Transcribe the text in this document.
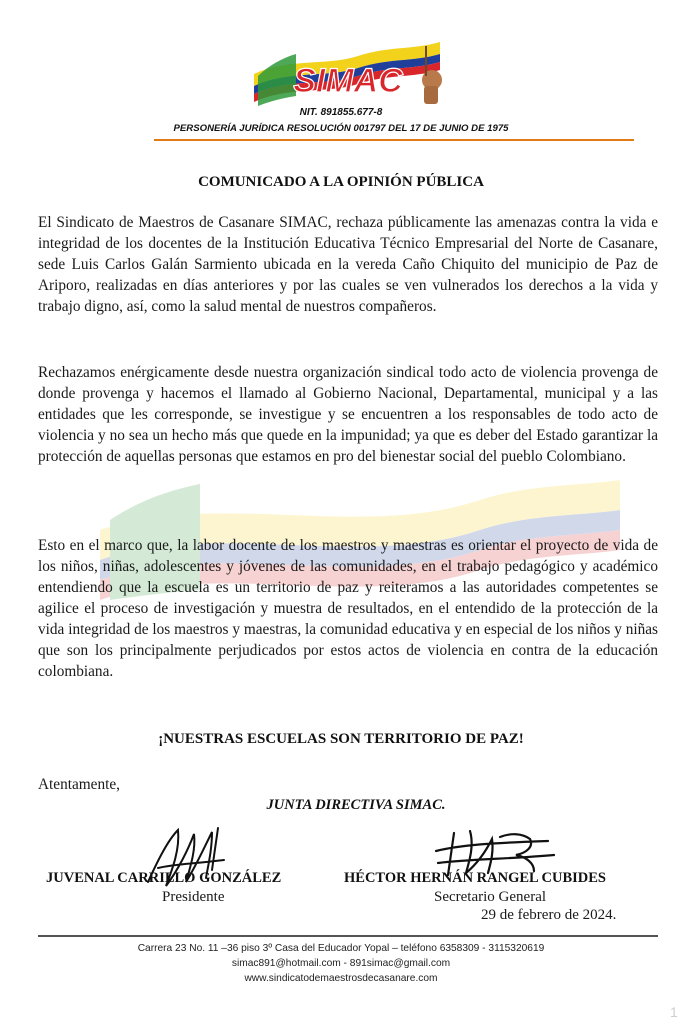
SIMAC
NIT. 891855.677-8
PERSONERÍA JURÍDICA RESOLUCIÓN 001797 DEL 17 DE JUNIO DE 1975
COMUNICADO A LA OPINIÓN PÚBLICA

El Sindicato de Maestros de Casanare SIMAC, rechaza públicamente las amenazas contra la vida e integridad de los docentes de la Institución Educativa Técnico Empresarial del Norte de Casanare, sede Luis Carlos Galán Sarmiento ubicada en la vereda Caño Chiquito del municipio de Paz de Ariporo, realizadas en días anteriores y por las cuales se ven vulnerados los derechos a la vida y trabajo digno, así, como la salud mental de nuestros compañeros.

Rechazamos enérgicamente desde nuestra organización sindical todo acto de violencia provenga de donde provenga y hacemos el llamado al Gobierno Nacional, Departamental, municipal y a las entidades que les corresponde, se investigue y se encuentren a los responsables de todo acto de violencia y no sea un hecho más que quede en la impunidad; ya que es deber del Estado garantizar la protección de aquellas personas que estamos en pro del bienestar social del pueblo Colombiano.

Esto en el marco que, la labor docente de los maestros y maestras es orientar el proyecto de vida de los niños, niñas, adolescentes y jóvenes de las comunidades, en el trabajo pedagógico y académico entendiendo que la escuela es un territorio de paz y reiteramos a las autoridades competentes se agilice el proceso de investigación y muestra de resultados, en el entendido de la protección de la vida integridad de los maestros y maestras, la comunidad educativa y en especial de los niños y niñas que son los principalmente perjudicados por estos actos de violencia en contra de la educación colombiana.

¡NUESTRAS ESCUELAS SON TERRITORIO DE PAZ!
Atentamente,
JUNTA DIRECTIVA SIMAC.
JUVENAL CARRILLO GONZÁLEZ	HÉCTOR HERNÁN RANGEL CUBIDES
Presidente	Secretario General
29 de febrero de 2024.
Carrera 23 No. 11 –36 piso 3º Casa del Educador Yopal – teléfono 6358309 - 3115320619
simac891@hotmail.com - 891simac@gmail.com
www.sindicatodemaestrosdecasanare.com
1
